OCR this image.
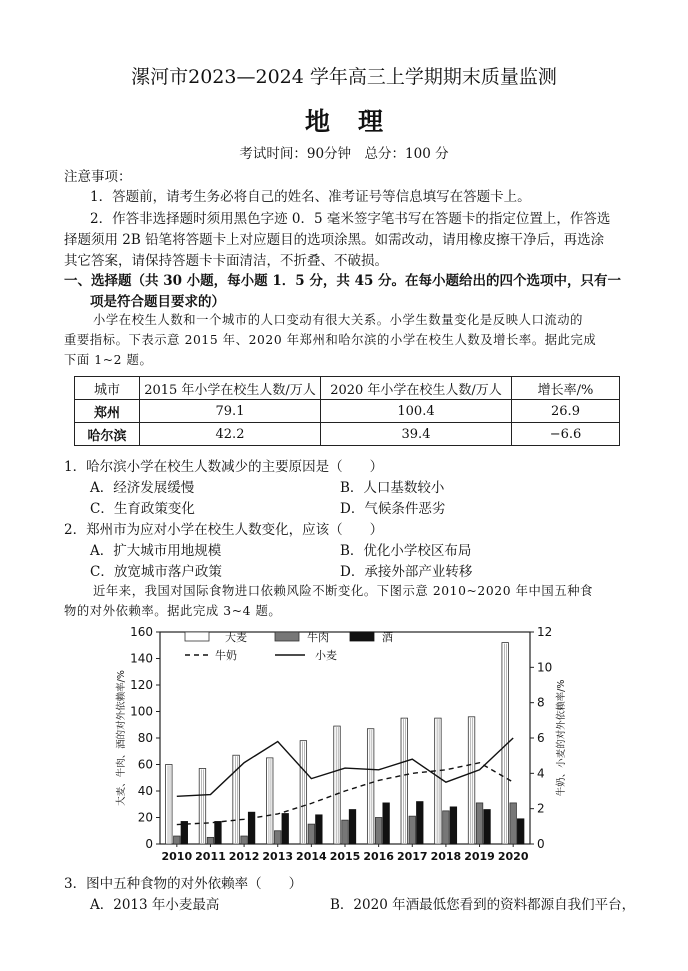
漯河市2023—2024 学年高三上学期期末质量监测
地理
考试时间：90分钟　总分：100 分
注意事项：
1．答题前，请考生务必将自己的姓名、准考证号等信息填写在答题卡上。
2．作答非选择题时须用黑色字迹 0．5 毫米签字笔书写在答题卡的指定位置上，作答选
择题须用 2B 铅笔将答题卡上对应题目的选项涂黑。如需改动，请用橡皮擦干净后，再选涂
其它答案，请保持答题卡卡面清洁，不折叠、不破损。
一、选择题（共 30 小题，每小题 1．5 分，共 45 分。在每小题给出的四个选项中，只有一
项是符合题目要求的）
小学在校生人数和一个城市的人口变动有很大关系。小学生数量变化是反映人口流动的
重要指标。下表示意 2015 年、2020 年郑州和哈尔滨的小学在校生人数及增长率。据此完成
下面 1~2 题。
城市	2015 年小学在校生人数/万人	2020 年小学在校生人数/万人	增长率/%
郑州	79.1	100.4	26.9
哈尔滨	42.2	39.4	−6.6
1．哈尔滨小学在校生人数减少的主要原因是（　　）
A．经济发展缓慢	B．人口基数较小
C．生育政策变化	D．气候条件恶劣
2．郑州市为应对小学在校生人数变化，应该（　　）
A．扩大城市用地规模	B．优化小学校区布局
C．放宽城市落户政策	D．承接外部产业转移
近年来，我国对国际食物进口依赖风险不断变化。下图示意 2010~2020 年中国五种食
物的对外依赖率。据此完成 3~4 题。
0
20
40
60
80
100
120
140
160
0
2
4
6
8
10
12
2010 2011 2012 2013 2014 2015 2016 2017 2018 2019 2020
大麦、牛肉、酒的对外依赖率/%	牛奶、小麦的对外依赖率/%
大麦	牛肉	酒
牛奶	小麦
3．图中五种食物的对外依赖率（　　）
A．2013 年小麦最高	B．2020 年酒最低您看到的资料都源自我们平台，
